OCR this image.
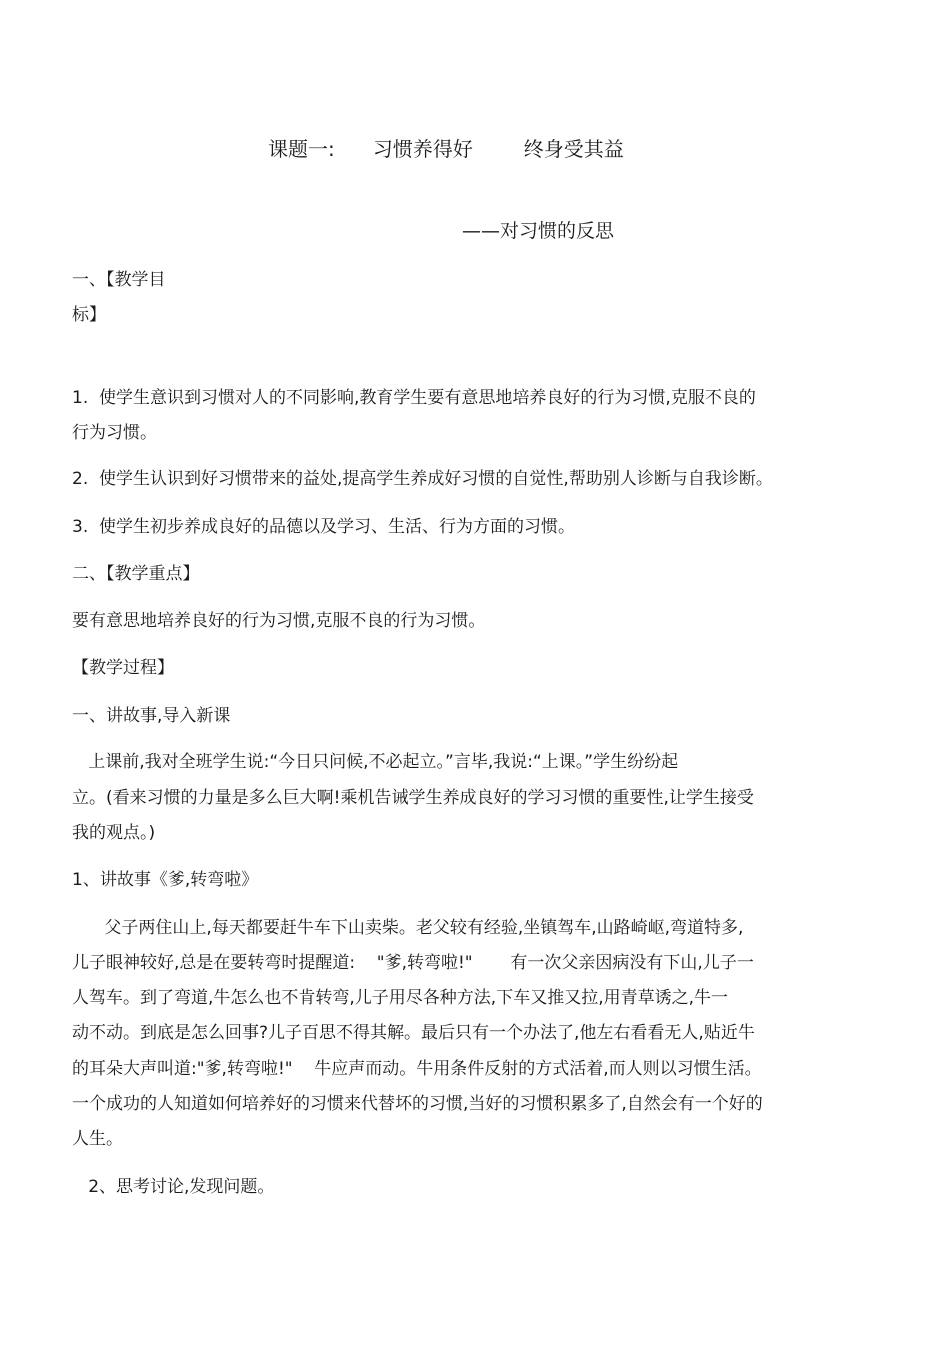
课题一:      习惯养得好        终身受其益

——对习惯的反思

一、【教学目

标】

1.  使学生意识到习惯对人的不同影响,教育学生要有意思地培养良好的行为习惯,克服不良的

行为习惯。

2.  使学生认识到好习惯带来的益处,提高学生养成好习惯的自觉性,帮助别人诊断与自我诊断。

3.  使学生初步养成良好的品德以及学习、生活、行为方面的习惯。

二、【教学重点】

要有意思地培养良好的行为习惯,克服不良的行为习惯。

【教学过程】

一、讲故事,导入新课

上课前,我对全班学生说:“今日只问候,不必起立。”言毕,我说:“上课。”学生纷纷起

立。(看来习惯的力量是多么巨大啊!乘机告诫学生养成良好的学习习惯的重要性,让学生接受

我的观点。)

1、讲故事《爹,转弯啦》

父子两住山上,每天都要赶牛车下山卖柴。老父较有经验,坐镇驾车,山路崎岖,弯道特多,

儿子眼神较好,总是在要转弯时提醒道:    "爹,转弯啦!"       有一次父亲因病没有下山,儿子一

人驾车。到了弯道,牛怎么也不肯转弯,儿子用尽各种方法,下车又推又拉,用青草诱之,牛一

动不动。到底是怎么回事?儿子百思不得其解。最后只有一个办法了,他左右看看无人,贴近牛

的耳朵大声叫道:"爹,转弯啦!"    牛应声而动。牛用条件反射的方式活着,而人则以习惯生活。

一个成功的人知道如何培养好的习惯来代替坏的习惯,当好的习惯积累多了,自然会有一个好的

人生。

2、思考讨论,发现问题。
